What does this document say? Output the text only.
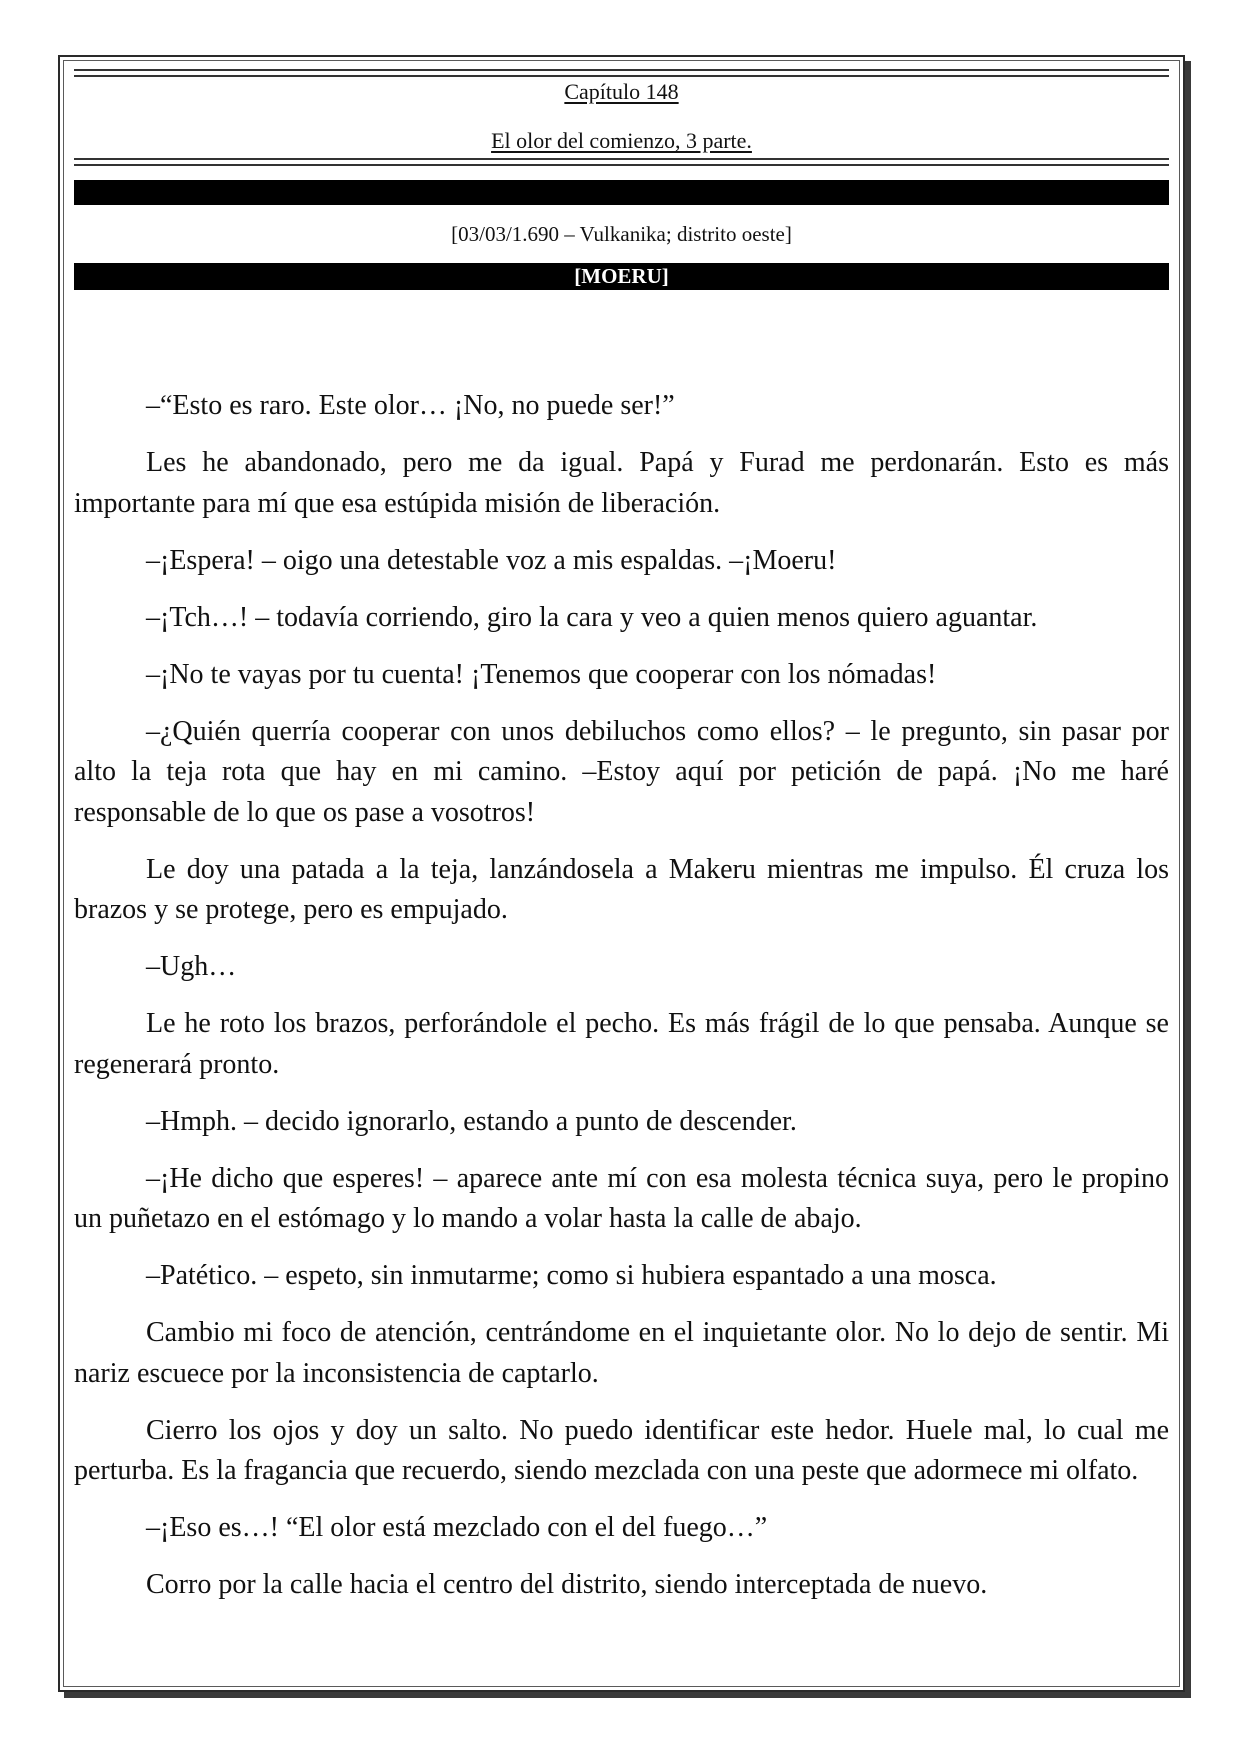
Capítulo 148
El olor del comienzo, 3 parte.
[03/03/1.690 – Vulkanika; distrito oeste]
[MOERU]

–“Esto es raro. Este olor… ¡No, no puede ser!”

Les he abandonado, pero me da igual. Papá y Furad me perdonarán. Esto es más importante para mí que esa estúpida misión de liberación.

–¡Espera! – oigo una detestable voz a mis espaldas. –¡Moeru!

–¡Tch…! – todavía corriendo, giro la cara y veo a quien menos quiero aguantar.

–¡No te vayas por tu cuenta! ¡Tenemos que cooperar con los nómadas!

–¿Quién querría cooperar con unos debiluchos como ellos? – le pregunto, sin pasar por alto la teja rota que hay en mi camino. –Estoy aquí por petición de papá. ¡No me haré responsable de lo que os pase a vosotros!

Le doy una patada a la teja, lanzándosela a Makeru mientras me impulso. Él cruza los brazos y se protege, pero es empujado.

–Ugh…

Le he roto los brazos, perforándole el pecho. Es más frágil de lo que pensaba. Aunque se regenerará pronto.

–Hmph. – decido ignorarlo, estando a punto de descender.

–¡He dicho que esperes! – aparece ante mí con esa molesta técnica suya, pero le propino un puñetazo en el estómago y lo mando a volar hasta la calle de abajo.

–Patético. – espeto, sin inmutarme; como si hubiera espantado a una mosca.

Cambio mi foco de atención, centrándome en el inquietante olor. No lo dejo de sentir. Mi nariz escuece por la inconsistencia de captarlo.

Cierro los ojos y doy un salto. No puedo identificar este hedor. Huele mal, lo cual me perturba. Es la fragancia que recuerdo, siendo mezclada con una peste que adormece mi olfato.

–¡Eso es…! “El olor está mezclado con el del fuego…”

Corro por la calle hacia el centro del distrito, siendo interceptada de nuevo.
